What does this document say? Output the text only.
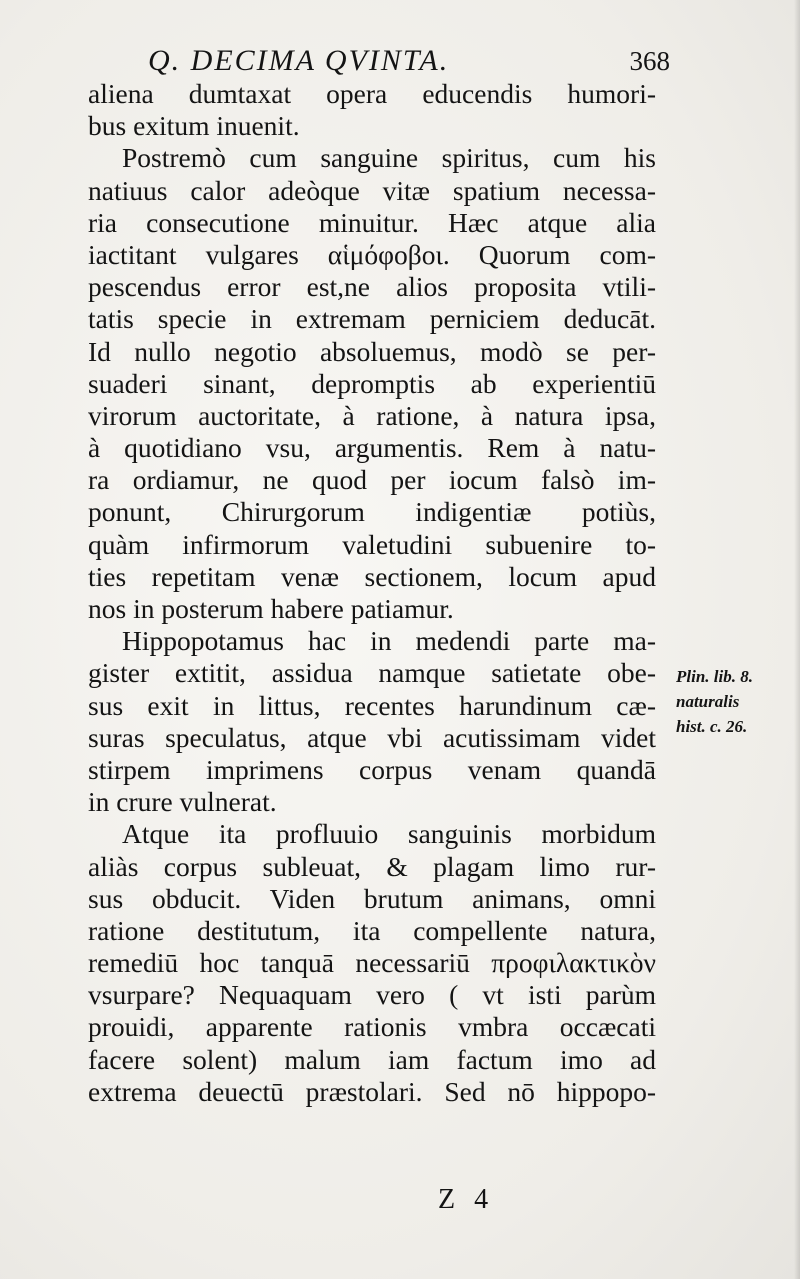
Q. DECIMA QVINTA.	368
aliena dumtaxat opera educendis humori-
bus exitum inuenit.
Postremò cum sanguine spiritus, cum his
natiuus calor adeòque vitæ spatium necessa-
ria consecutione minuitur. Hæc atque alia
iactitant vulgares αἱμόφοβοι. Quorum com-
pescendus error est,ne alios proposita vtili-
tatis specie in extremam perniciem deducāt.
Id nullo negotio absoluemus, modò se per-
suaderi sinant, depromptis ab experientiū
virorum auctoritate, à ratione, à natura ipsa,
à quotidiano vsu, argumentis. Rem à natu-
ra ordiamur, ne quod per iocum falsò im-
ponunt, Chirurgorum indigentiæ potiùs,
quàm infirmorum valetudini subuenire to-
ties repetitam venæ sectionem, locum apud
nos in posterum habere patiamur.
Hippopotamus hac in medendi parte ma-
gister extitit, assidua namque satietate obe-
sus exit in littus, recentes harundinum cæ-
suras speculatus, atque vbi acutissimam videt
stirpem imprimens corpus venam quandā
in crure vulnerat.
Atque ita profluuio sanguinis morbidum
aliàs corpus subleuat, & plagam limo rur-
sus obducit. Viden brutum animans, omni
ratione destitutum, ita compellente natura,
remediū hoc tanquā necessariū προφιλακτικὸν
vsurpare? Nequaquam vero ( vt isti parùm
prouidi, apparente rationis vmbra occæcati
facere solent) malum iam factum imo ad
extrema deuectū præstolari. Sed nō hippopo-
Plin. lib. 8.
naturalis
hist. c. 26.
Z 4
